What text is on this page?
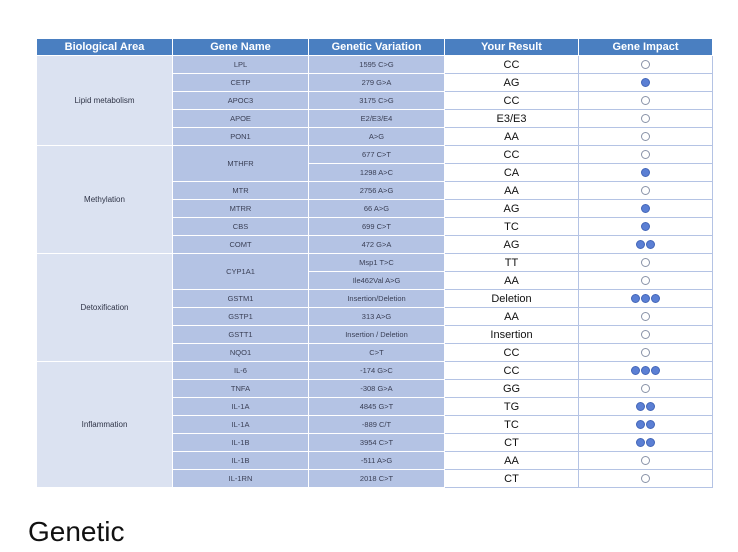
Biological Area	Gene Name	Genetic Variation	Your Result	Gene Impact
Lipid metabolism	LPL	1595 C>G	CC	
	CETP	279 G>A	AG	
	APOC3	3175 C>G	CC	
	APOE	E2/E3/E4	E3/E3	
	PON1	A>G	AA	
Methylation	MTHFR	677 C>T	CC	
		1298 A>C	CA	
	MTR	2756 A>G	AA	
	MTRR	66 A>G	AG	
	CBS	699 C>T	TC	
	COMT	472 G>A	AG	
Detoxification	CYP1A1	Msp1 T>C	TT	
		Ile462Val A>G	AA	
	GSTM1	Insertion/Deletion	Deletion	
	GSTP1	313 A>G	AA	
	GSTT1	Insertion / Deletion	Insertion	
	NQO1	C>T	CC	
Inflammation	IL-6	-174 G>C	CC	
	TNFA	-308 G>A	GG	
	IL-1A	4845 G>T	TG	
	IL-1A	-889 C/T	TC	
	IL-1B	3954 C>T	CT	
	IL-1B	-511 A>G	AA	
	IL-1RN	2018 C>T	CT	
Genetic
